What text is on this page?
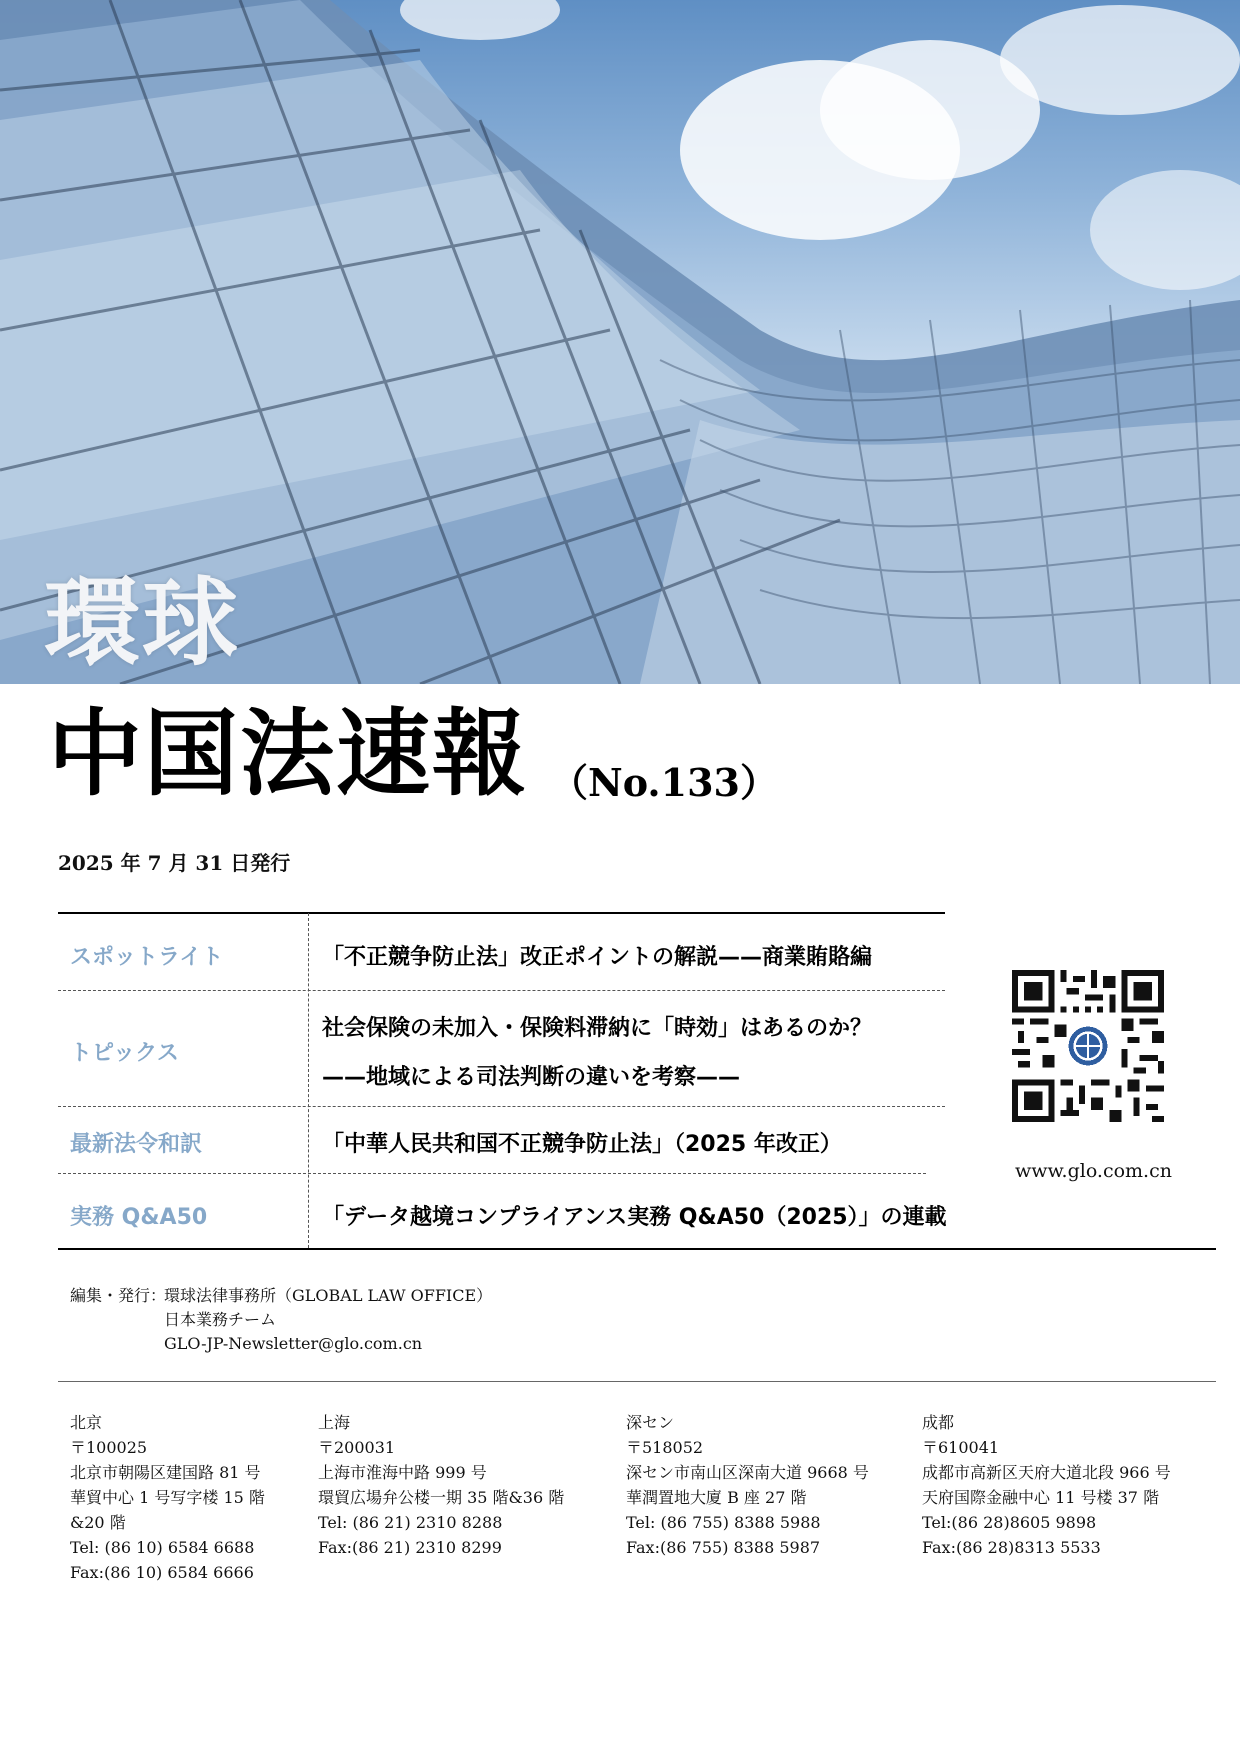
環球
中国法速報 （No.133）
2025 年 7 月 31 日発行
スポットライト	「不正競争防止法」改正ポイントの解説——商業賄賂編
トピックス
社会保険の未加入・保険料滞納に「時効」はあるのか？
——地域による司法判断の違いを考察——
最新法令和訳	「中華人民共和国不正競争防止法」（2025 年改正）
実務 Q&A50	「データ越境コンプライアンス実務 Q&A50（2025）」の連載
www.glo.com.cn
編集・発行：
環球法律事務所（GLOBAL LAW OFFICE）
日本業務チーム
GLO-JP-Newsletter@glo.com.cn
北京
〒100025
北京市朝陽区建国路 81 号
華貿中心 1 号写字楼 15 階
&20 階
Tel: (86 10) 6584 6688
Fax:(86 10) 6584 6666
上海
〒200031
上海市淮海中路 999 号
環貿広場弁公楼一期 35 階&36 階
Tel: (86 21) 2310 8288
Fax:(86 21) 2310 8299
深セン
〒518052
深セン市南山区深南大道 9668 号
華潤置地大廈 B 座 27 階
Tel: (86 755) 8388 5988
Fax:(86 755) 8388 5987
成都
〒610041
成都市高新区天府大道北段 966 号
天府国際金融中心 11 号楼 37 階
Tel:(86 28)8605 9898
Fax:(86 28)8313 5533
